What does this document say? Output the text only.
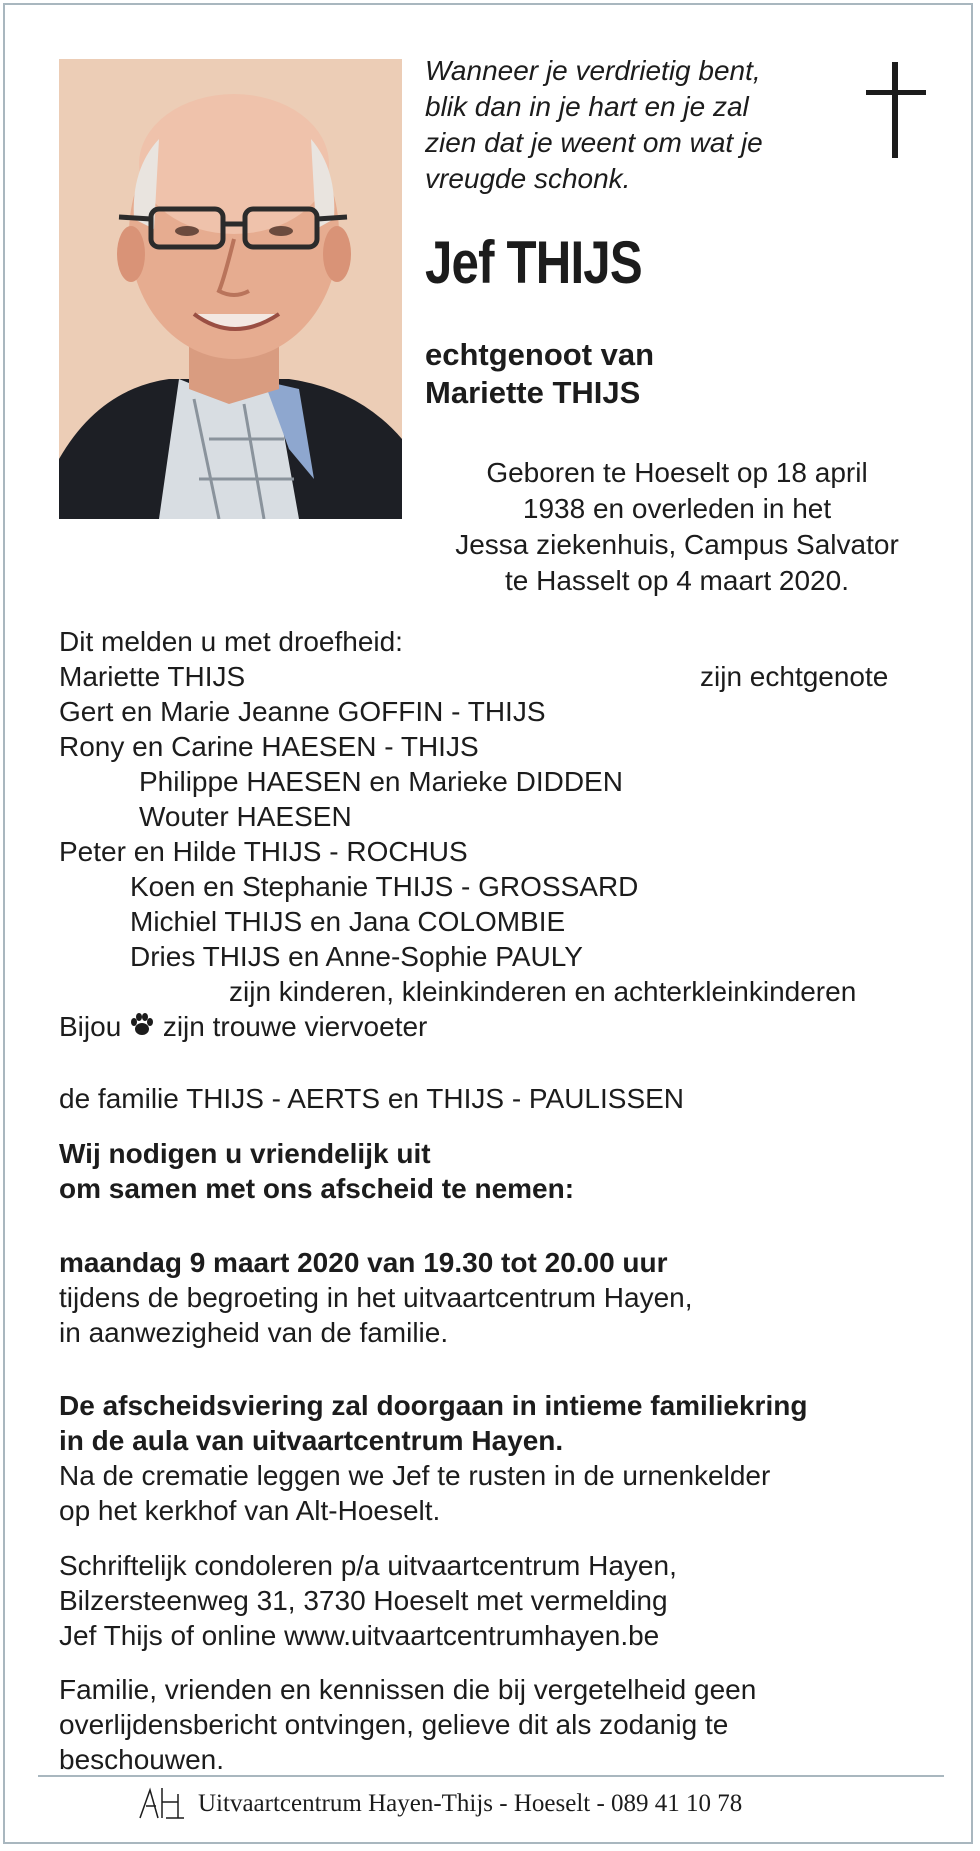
Wanneer je verdrietig bent,
blik dan in je hart en je zal
zien dat je weent om wat je
vreugde schonk.
Jef THIJS
echtgenoot van
Mariette THIJS
Geboren te Hoeselt op 18 april
1938 en overleden in het
Jessa ziekenhuis, Campus Salvator
te Hasselt op 4 maart 2020.
Dit melden u met droefheid:
Mariette THIJS	zijn echtgenote
Gert en Marie Jeanne GOFFIN - THIJS
Rony en Carine HAESEN - THIJS
Philippe HAESEN en Marieke DIDDEN
Wouter HAESEN
Peter en Hilde THIJS - ROCHUS
Koen en Stephanie THIJS - GROSSARD
Michiel THIJS en Jana COLOMBIE
Dries THIJS en Anne-Sophie PAULY
zijn kinderen, kleinkinderen en achterkleinkinderen
Bijou zijn trouwe viervoeter
de familie THIJS - AERTS en THIJS - PAULISSEN
Wij nodigen u vriendelijk uit
om samen met ons afscheid te nemen:
maandag 9 maart 2020 van 19.30 tot 20.00 uur
tijdens de begroeting in het uitvaartcentrum Hayen,
in aanwezigheid van de familie.
De afscheidsviering zal doorgaan in intieme familiekring
in de aula van uitvaartcentrum Hayen.
Na de crematie leggen we Jef te rusten in de urnenkelder
op het kerkhof van Alt-Hoeselt.
Schriftelijk condoleren p/a uitvaartcentrum Hayen,
Bilzersteenweg 31, 3730 Hoeselt met vermelding
Jef Thijs of online www.uitvaartcentrumhayen.be
Familie, vrienden en kennissen die bij vergetelheid geen
overlijdensbericht ontvingen, gelieve dit als zodanig te
beschouwen.
Uitvaartcentrum Hayen-Thijs - Hoeselt - 089 41 10 78
